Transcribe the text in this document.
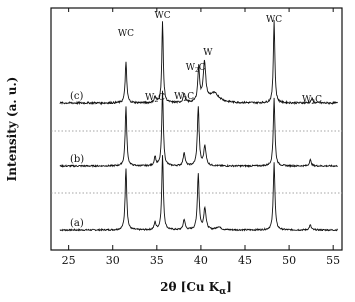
(a)
(b)
(c)
25	30	35	40	45	50	55
WC
$W_2C$
WC
$W_2C$
$W_2C$
W
WC
$W_2C$
Intensity (a. u.)
2θ [Cu $K_\alpha$]
